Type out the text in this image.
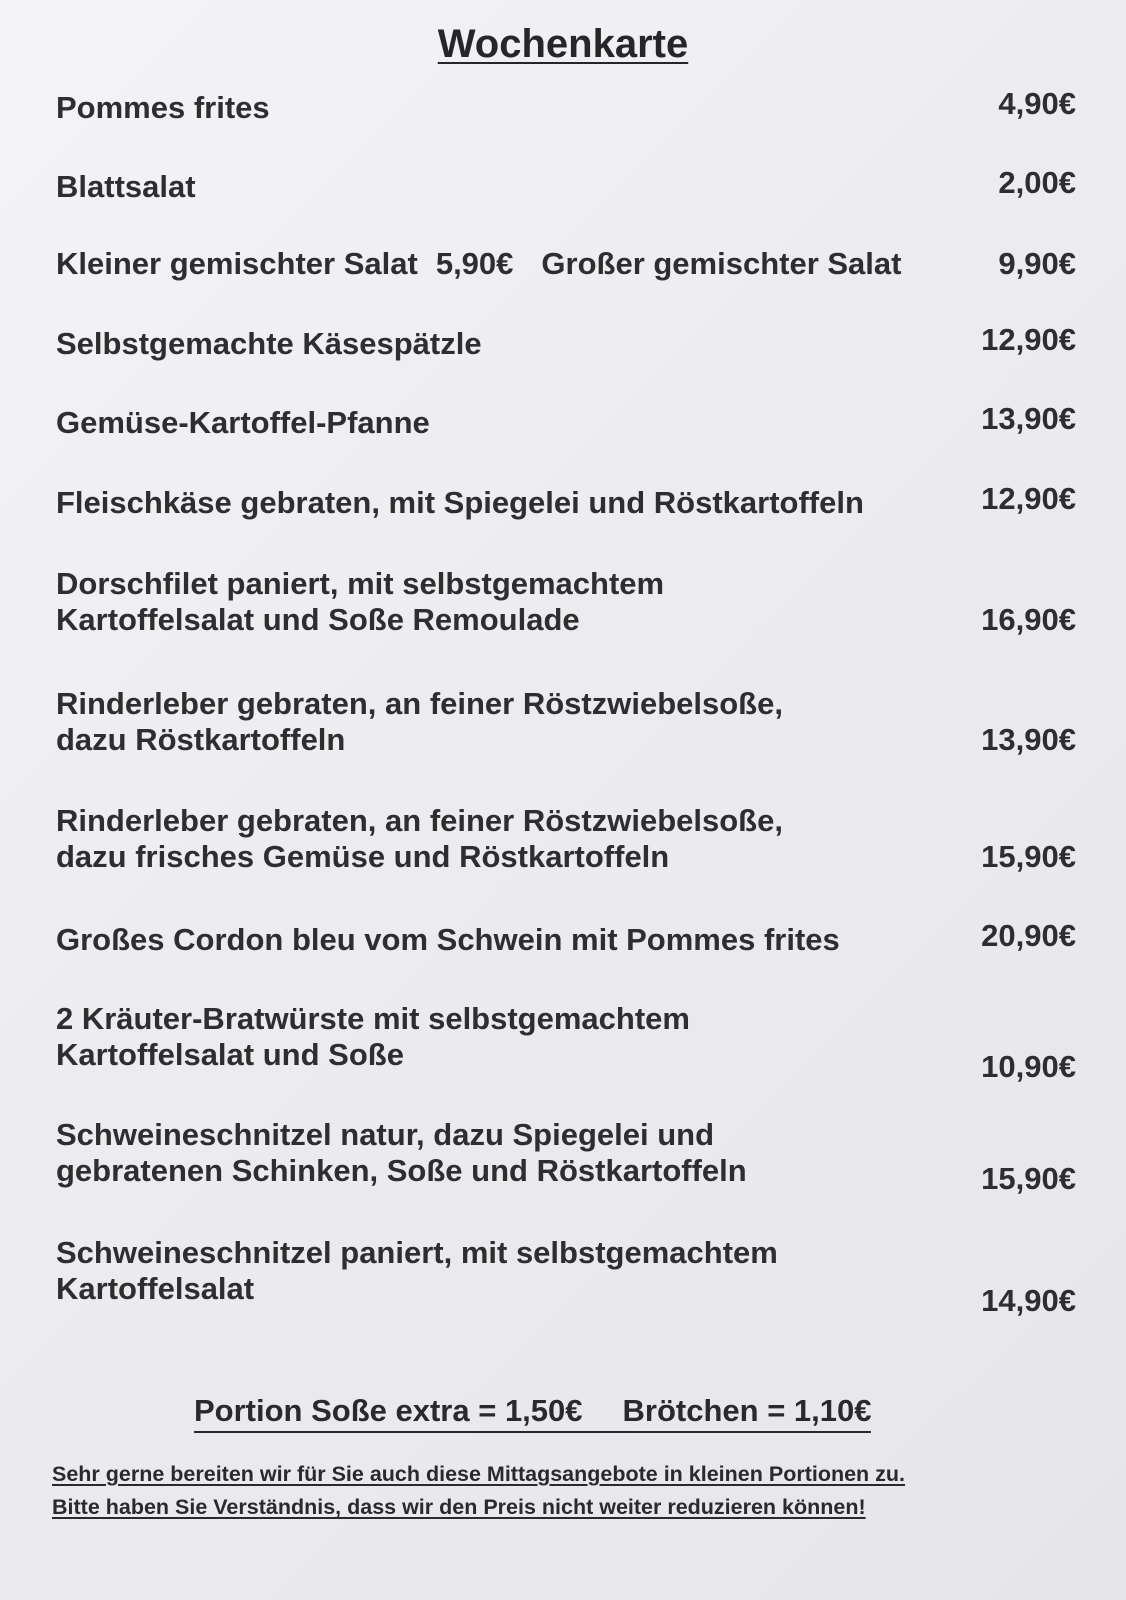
Wochenkarte
Pommes frites	4,90€
Blattsalat	2,00€
Kleiner gemischter Salat 5,90€ Großer gemischter Salat	9,90€
Selbstgemachte Käsespätzle	12,90€
Gemüse-Kartoffel-Pfanne	13,90€
Fleischkäse gebraten, mit Spiegelei und Röstkartoffeln	12,90€
Dorschfilet paniert, mit selbstgemachtem
Kartoffelsalat und Soße Remoulade	16,90€
Rinderleber gebraten, an feiner Röstzwiebelsoße,
dazu Röstkartoffeln	13,90€
Rinderleber gebraten, an feiner Röstzwiebelsoße,
dazu frisches Gemüse und Röstkartoffeln	15,90€
Großes Cordon bleu vom Schwein mit Pommes frites	20,90€
2 Kräuter-Bratwürste mit selbstgemachtem
Kartoffelsalat und Soße	10,90€
Schweineschnitzel natur, dazu Spiegelei und
gebratenen Schinken, Soße und Röstkartoffeln	15,90€
Schweineschnitzel paniert, mit selbstgemachtem
Kartoffelsalat	14,90€
Portion Soße extra = 1,50€ Brötchen = 1,10€
Sehr gerne bereiten wir für Sie auch diese Mittagsangebote in kleinen Portionen zu.
Bitte haben Sie Verständnis, dass wir den Preis nicht weiter reduzieren können!
